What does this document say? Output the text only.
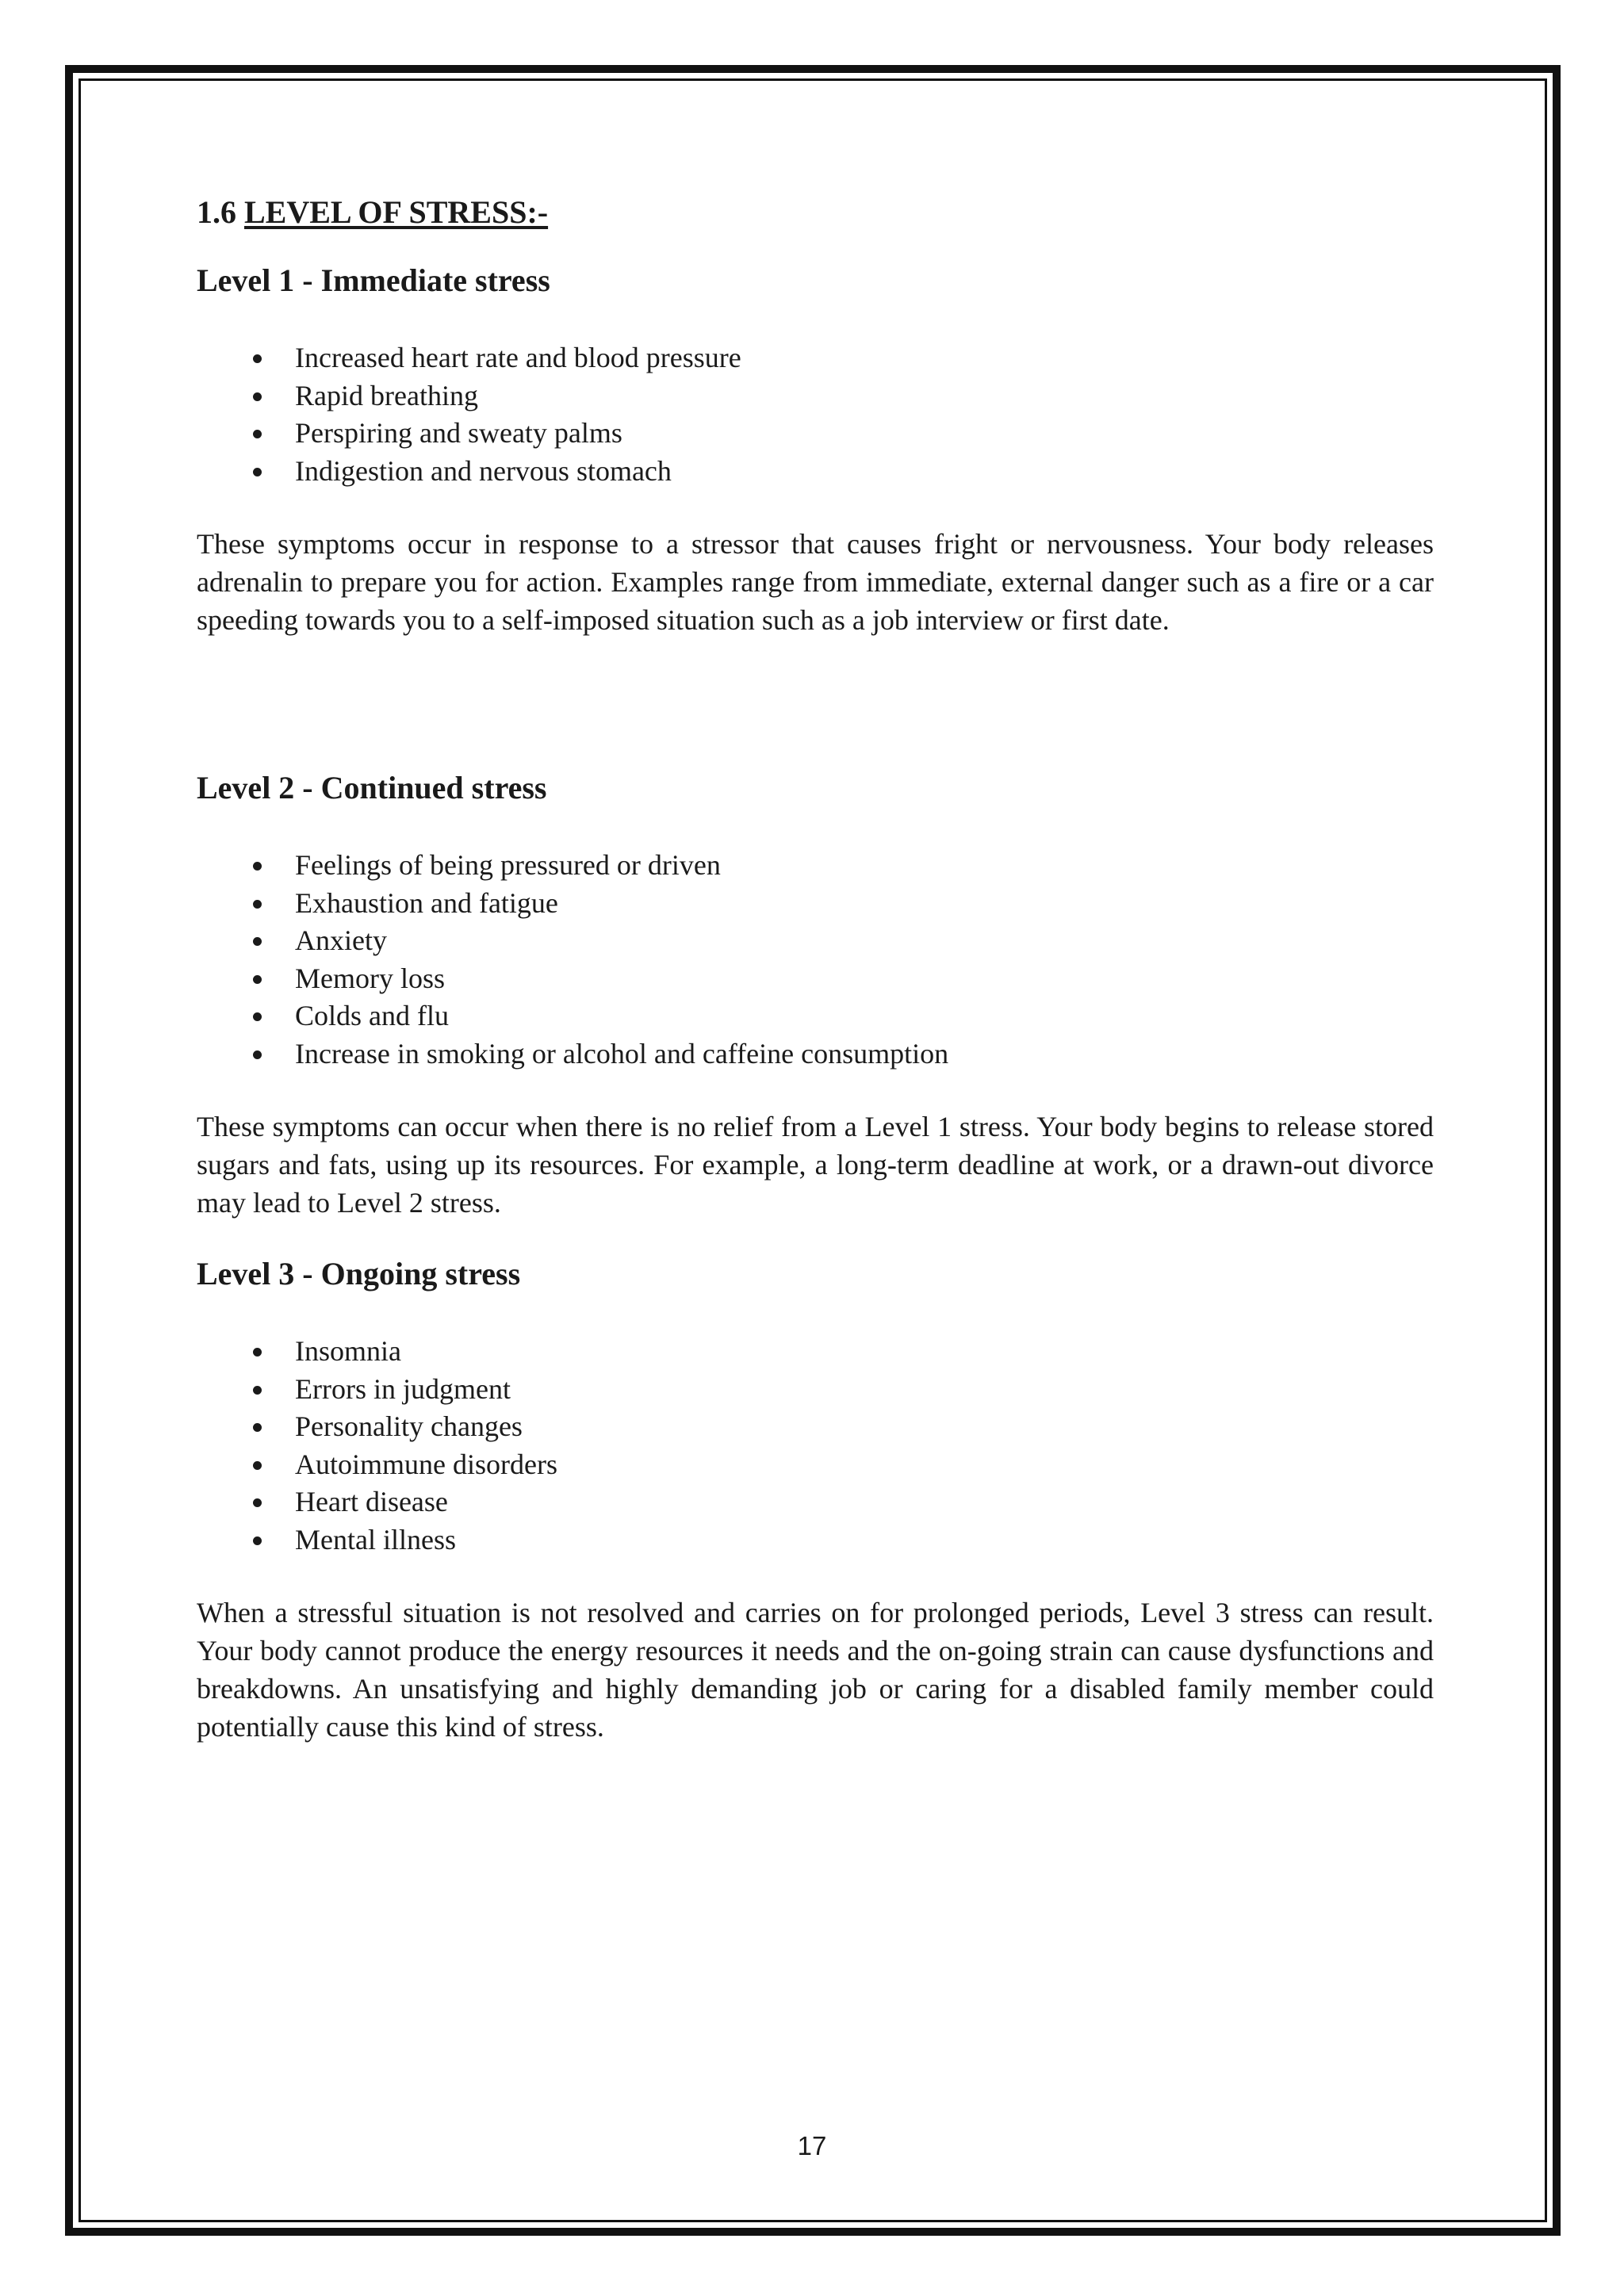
1.6 LEVEL OF STRESS:-
Level 1 - Immediate stress
Increased heart rate and blood pressure
Rapid breathing
Perspiring and sweaty palms
Indigestion and nervous stomach

These symptoms occur in response to a stressor that causes fright or nervousness. Your body releases adrenalin to prepare you for action. Examples range from immediate, external danger such as a fire or a car speeding towards you to a self-imposed situation such as a job interview or first date.

Level 2 - Continued stress
Feelings of being pressured or driven
Exhaustion and fatigue
Anxiety
Memory loss
Colds and flu
Increase in smoking or alcohol and caffeine consumption

These symptoms can occur when there is no relief from a Level 1 stress. Your body begins to release stored sugars and fats, using up its resources. For example, a long-term deadline at work, or a drawn-out divorce may lead to Level 2 stress.

Level 3 - Ongoing stress
Insomnia
Errors in judgment
Personality changes
Autoimmune disorders
Heart disease
Mental illness

When a stressful situation is not resolved and carries on for prolonged periods, Level 3 stress can result. Your body cannot produce the energy resources it needs and the on-going strain can cause dysfunctions and breakdowns. An unsatisfying and highly demanding job or caring for a disabled family member could potentially cause this kind of stress.

17
